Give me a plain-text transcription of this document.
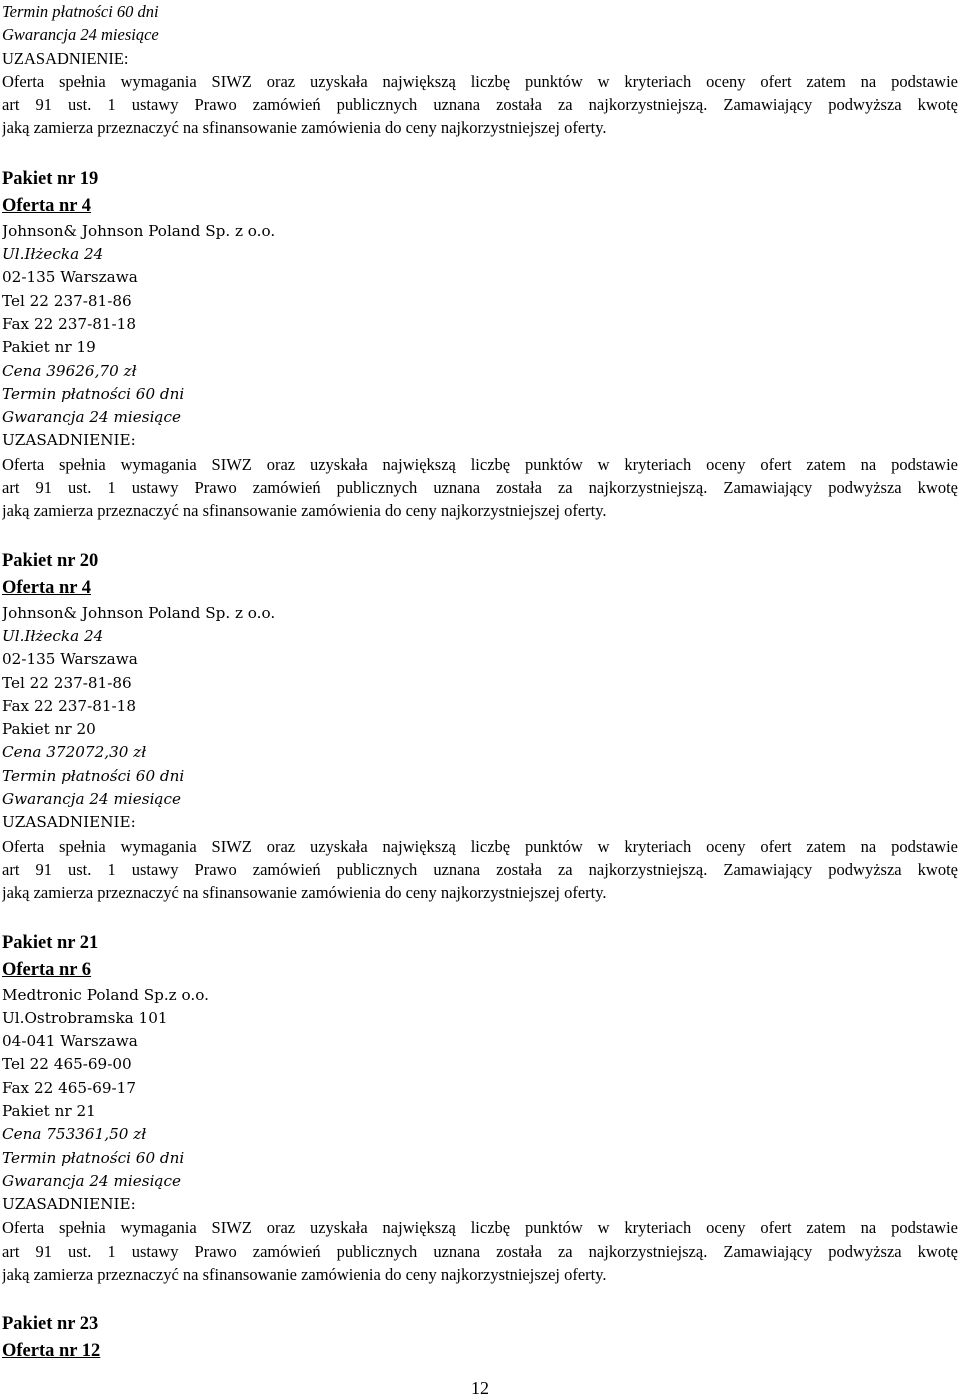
Termin płatności 60 dni
Gwarancja 24 miesiące
UZASADNIENIE:
Oferta spełnia wymagania SIWZ oraz uzyskała największą liczbę punktów w kryteriach oceny ofert zatem na podstawie
art 91 ust. 1 ustawy Prawo zamówień publicznych uznana została za najkorzystniejszą. Zamawiający podwyższa kwotę
jaką zamierza przeznaczyć na sfinansowanie zamówienia do ceny najkorzystniejszej oferty.
Pakiet nr 19
Oferta nr 4
Johnson& Johnson Poland Sp. z o.o.
Ul.Iłżecka 24
02-135 Warszawa
Tel 22 237-81-86
Fax 22 237-81-18
Pakiet nr 19
Cena 39626,70 zł
Termin płatności 60 dni
Gwarancja 24 miesiące
UZASADNIENIE:
Oferta spełnia wymagania SIWZ oraz uzyskała największą liczbę punktów w kryteriach oceny ofert zatem na podstawie
art 91 ust. 1 ustawy Prawo zamówień publicznych uznana została za najkorzystniejszą. Zamawiający podwyższa kwotę
jaką zamierza przeznaczyć na sfinansowanie zamówienia do ceny najkorzystniejszej oferty.
Pakiet nr 20
Oferta nr 4
Johnson& Johnson Poland Sp. z o.o.
Ul.Iłżecka 24
02-135 Warszawa
Tel 22 237-81-86
Fax 22 237-81-18
Pakiet nr 20
Cena 372072,30 zł
Termin płatności 60 dni
Gwarancja 24 miesiące
UZASADNIENIE:
Oferta spełnia wymagania SIWZ oraz uzyskała największą liczbę punktów w kryteriach oceny ofert zatem na podstawie
art 91 ust. 1 ustawy Prawo zamówień publicznych uznana została za najkorzystniejszą. Zamawiający podwyższa kwotę
jaką zamierza przeznaczyć na sfinansowanie zamówienia do ceny najkorzystniejszej oferty.
Pakiet nr 21
Oferta nr 6
Medtronic Poland Sp.z o.o.
Ul.Ostrobramska 101
04-041 Warszawa
Tel 22 465-69-00
Fax 22 465-69-17
Pakiet nr 21
Cena 753361,50 zł
Termin płatności 60 dni
Gwarancja 24 miesiące
UZASADNIENIE:
Oferta spełnia wymagania SIWZ oraz uzyskała największą liczbę punktów w kryteriach oceny ofert zatem na podstawie
art 91 ust. 1 ustawy Prawo zamówień publicznych uznana została za najkorzystniejszą. Zamawiający podwyższa kwotę
jaką zamierza przeznaczyć na sfinansowanie zamówienia do ceny najkorzystniejszej oferty.
Pakiet nr 23
Oferta nr 12
12
